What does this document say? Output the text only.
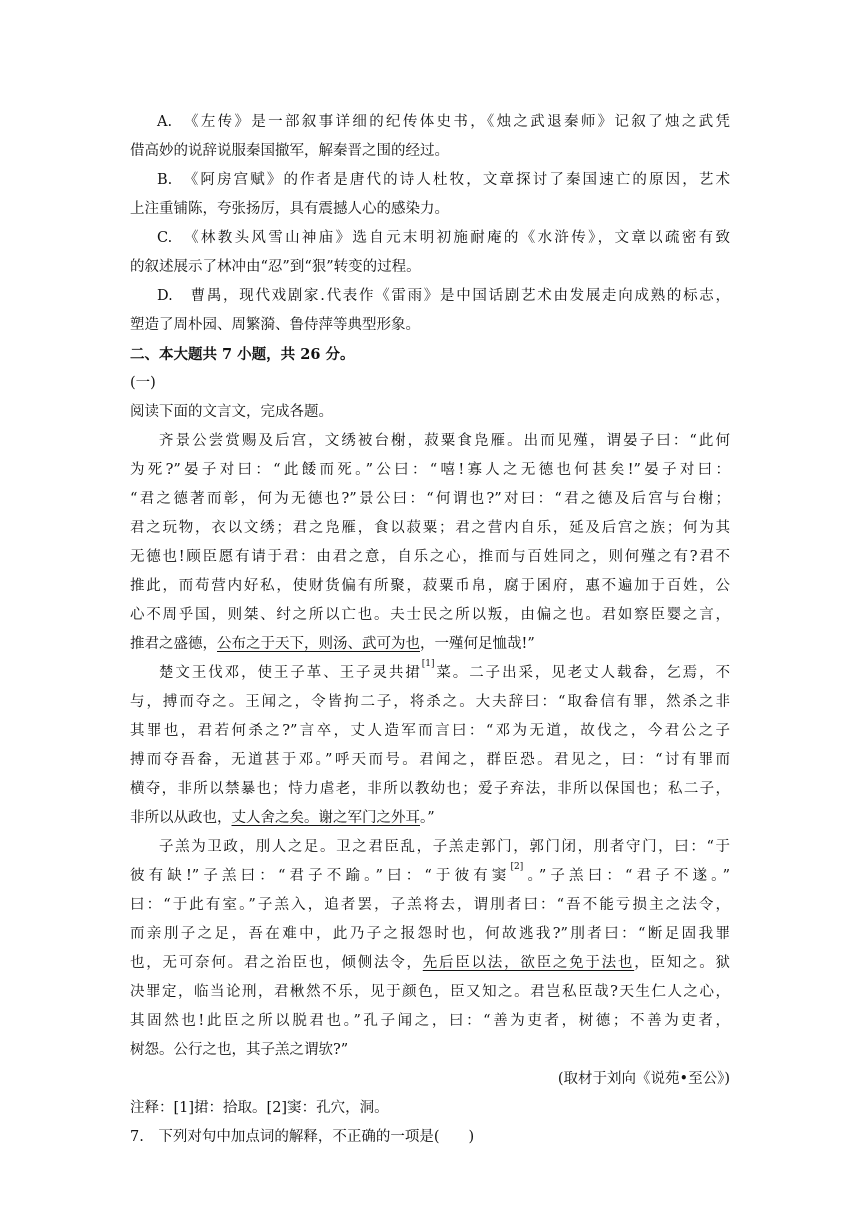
A.　《左传》是一部叙事详细的纪传体史书，《烛之武退秦师》记叙了烛之武凭
借高妙的说辞说服秦国撤军，解秦晋之围的经过。
B.　《阿房宫赋》的作者是唐代的诗人杜牧，文章探讨了秦国速亡的原因，艺术
上注重铺陈，夸张扬厉，具有震撼人心的感染力。
C.　《林教头风雪山神庙》选自元末明初施耐庵的《水浒传》，文章以疏密有致
的叙述展示了林冲由“忍”到“狠”转变的过程。
D.　曹禺，现代戏剧家.代表作《雷雨》是中国话剧艺术由发展走向成熟的标志，
塑造了周朴园、周繁漪、鲁侍萍等典型形象。
二、本大题共 7 小题，共 26 分。
(一)
阅读下面的文言文，完成各题。
齐景公尝赏赐及后宫，文绣被台榭，菽粟食凫雁。出而见殣，谓晏子曰：“此何
为死?”晏子对曰：“此餧而死。”公曰：“嘻!寡人之无德也何甚矣!”晏子对曰：
“君之德著而彰，何为无德也?”景公曰：“何谓也?”对曰：“君之德及后宫与台榭；
君之玩物，衣以文绣；君之凫雁，食以菽粟；君之营内自乐，延及后宫之族；何为其
无德也!顾臣愿有请于君：由君之意，自乐之心，推而与百姓同之，则何殣之有?君不
推此，而苟营内好私，使财货偏有所聚，菽粟币帛，腐于囷府，惠不遍加于百姓，公
心不周乎国，则桀、纣之所以亡也。夫士民之所以叛，由偏之也。君如察臣婴之言，
推君之盛德，公布之于天下，则汤、武可为也，一殣何足恤哉!”
楚文王伐邓，使王子革、王子灵共捃[1]菜。二子出采，见老丈人载畚，乞焉，不
与，搏而夺之。王闻之，令皆拘二子，将杀之。大夫辞曰：“取畚信有罪，然杀之非
其罪也，君若何杀之?”言卒，丈人造军而言曰：“邓为无道，故伐之，今君公之子
搏而夺吾畚，无道甚于邓。”呼天而号。君闻之，群臣恐。君见之，曰：“讨有罪而
横夺，非所以禁暴也；恃力虐老，非所以教幼也；爱子弃法，非所以保国也；私二子，
非所以从政也，丈人舍之矣。谢之军门之外耳。”
子羔为卫政，刖人之足。卫之君臣乱，子羔走郭门，郭门闭，刖者守门，曰：“于
彼有缺!”子羔曰：“君子不踰。”曰：“于彼有窦[2]。”子羔曰：“君子不遂。”
曰：“于此有室。”子羔入，追者罢，子羔将去，谓刖者曰：“吾不能亏损主之法令，
而亲刖子之足，吾在难中，此乃子之报怨时也，何故逃我?”刖者曰：“断足固我罪
也，无可奈何。君之治臣也，倾侧法令，先后臣以法，欲臣之免于法也，臣知之。狱
决罪定，临当论刑，君楸然不乐，见于颜色，臣又知之。君岂私臣哉?天生仁人之心，
其固然也!此臣之所以脱君也。”孔子闻之，曰：“善为吏者，树德；不善为吏者，
树怨。公行之也，其子羔之谓欤?”
(取材于刘向《说苑•至公》)
注释：[1]捃：拾取。[2]窦：孔穴，洞。
7.　下列对句中加点词的解释，不正确的一项是(　　)
